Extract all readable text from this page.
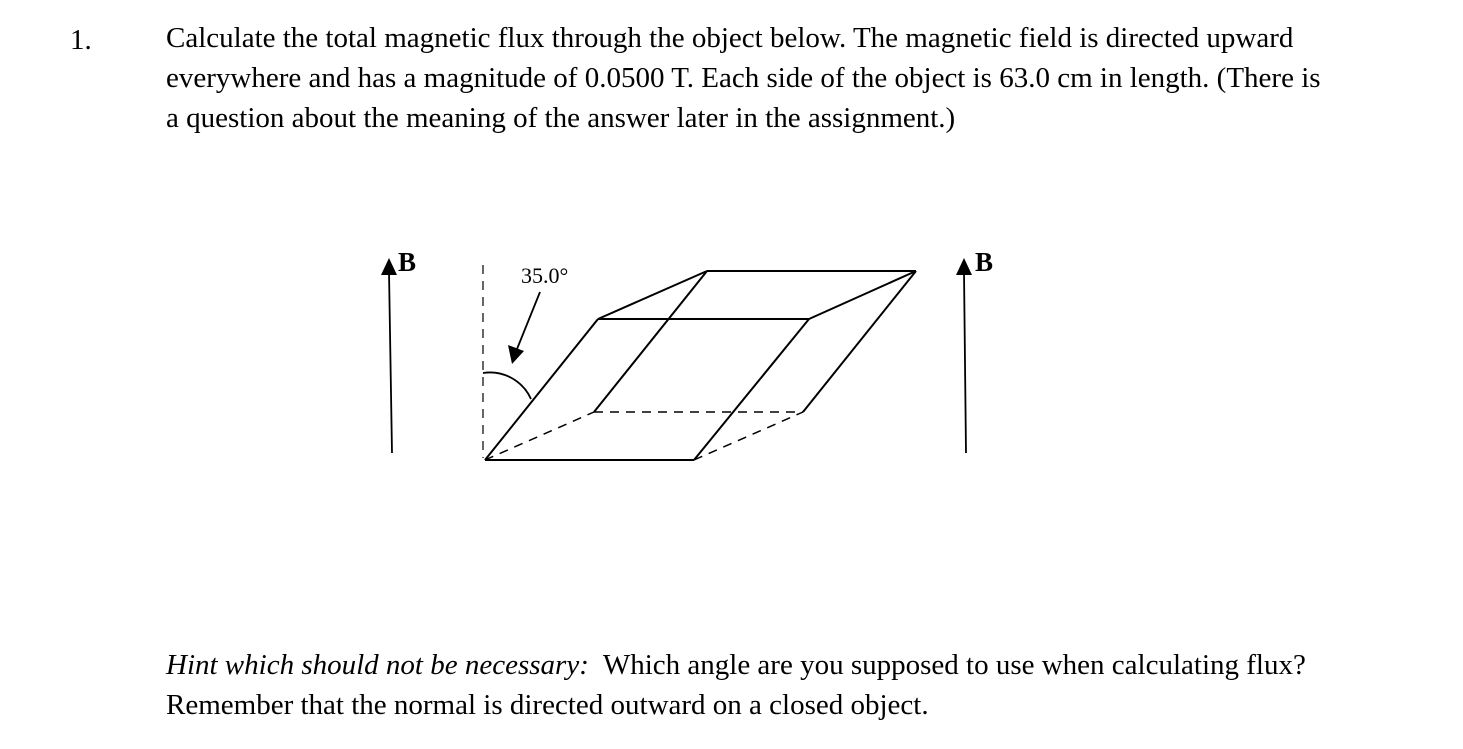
1.	Calculate the total magnetic flux through the object below. The magnetic field is directed upward everywhere and has a magnitude of 0.0500 T. Each side of the object is 63.0 cm in length. (There is a question about the meaning of the answer later in the assignment.)

B	B
35.0°

Hint which should not be necessary:  Which angle are you supposed to use when calculating flux?  Remember that the normal is directed outward on a closed object.
